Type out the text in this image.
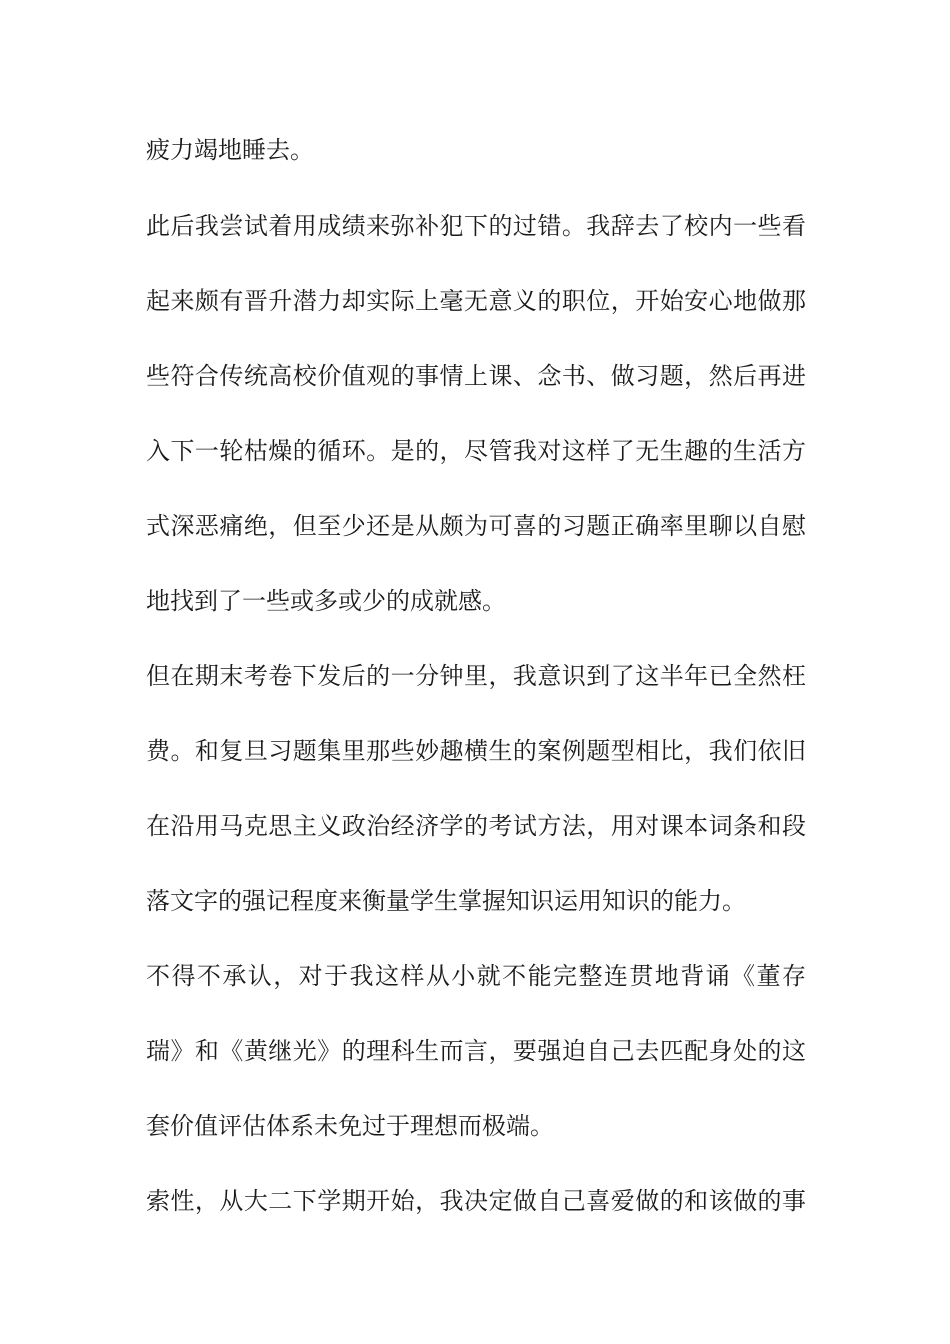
疲力竭地睡去。
此后我尝试着用成绩来弥补犯下的过错。我辞去了校内一些看
起来颇有晋升潜力却实际上毫无意义的职位，开始安心地做那
些符合传统高校价值观的事情上课、念书、做习题，然后再进
入下一轮枯燥的循环。是的，尽管我对这样了无生趣的生活方
式深恶痛绝，但至少还是从颇为可喜的习题正确率里聊以自慰
地找到了一些或多或少的成就感。
但在期末考卷下发后的一分钟里，我意识到了这半年已全然枉
费。和复旦习题集里那些妙趣横生的案例题型相比，我们依旧
在沿用马克思主义政治经济学的考试方法，用对课本词条和段
落文字的强记程度来衡量学生掌握知识运用知识的能力。
不得不承认，对于我这样从小就不能完整连贯地背诵《董存
瑞》和《黄继光》的理科生而言，要强迫自己去匹配身处的这
套价值评估体系未免过于理想而极端。
索性，从大二下学期开始，我决定做自己喜爱做的和该做的事
